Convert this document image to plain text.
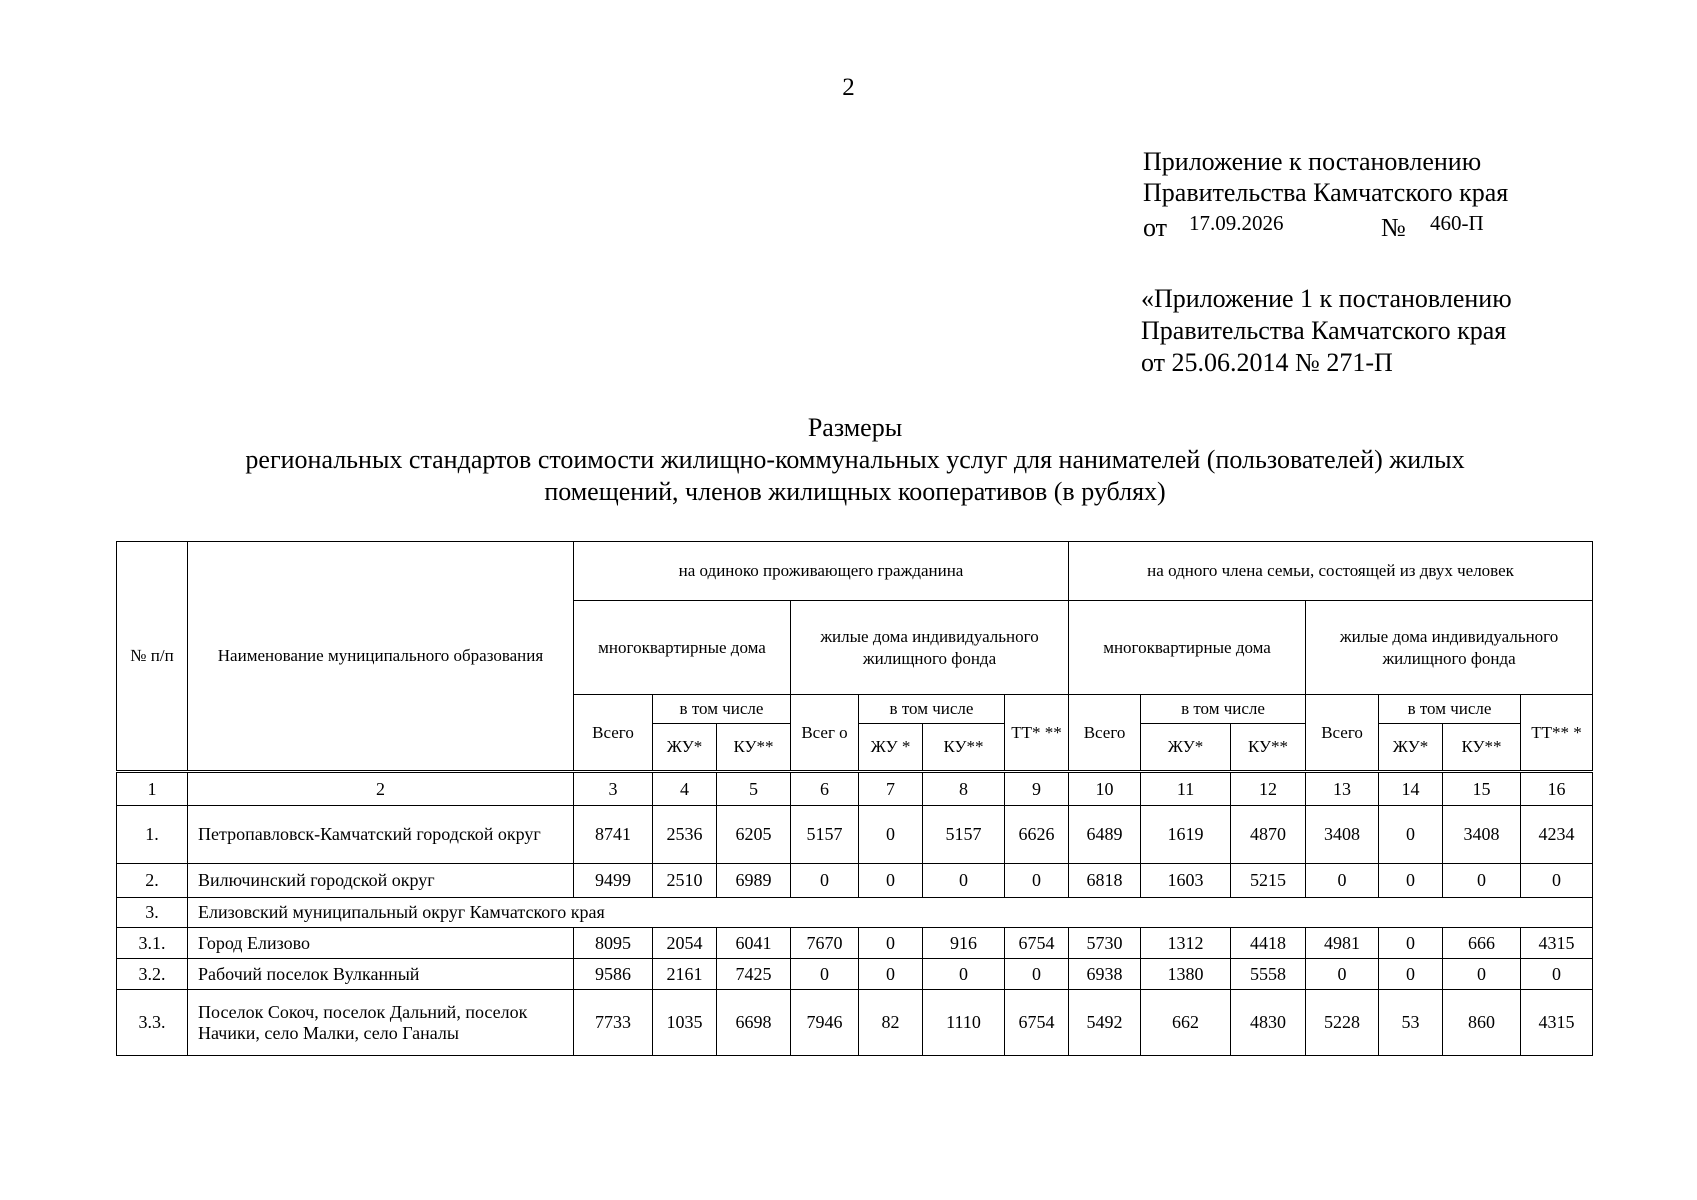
2
Приложение к постановлению
Правительства Камчатского края
от 17.09.2026	№ 460-П
«Приложение 1 к постановлению
Правительства Камчатского края
от 25.06.2014 № 271-П
Размеры
региональных стандартов стоимости жилищно-коммунальных услуг для нанимателей (пользователей) жилых
помещений, членов жилищных кооперативов (в рублях)
№ п/п	Наименование муниципального образования	на одиноко проживающего гражданина							на одного члена семьи, состоящей из двух человек						
		многоквартирные дома			жилые дома индивидуального жилищного фонда				многоквартирные дома			жилые дома индивидуального жилищного фонда			
		Всего	в том числе		Всег о	в том числе		ТТ* **	Всего	в том числе		Всего	в том числе		ТТ** *
			ЖУ*	КУ**		ЖУ *	КУ**			ЖУ*	КУ**		ЖУ*	КУ**	
1	2	3	4	5	6	7	8	9	10	11	12	13	14	15	16
1.	Петропавловск-Камчатский городской округ	8741	2536	6205	5157	0	5157	6626	6489	1619	4870	3408	0	3408	4234
2.	Вилючинский городской округ	9499	2510	6989	0	0	0	0	6818	1603	5215	0	0	0	0
3.	Елизовский муниципальный округ Камчатского края														
3.1.	Город Елизово	8095	2054	6041	7670	0	916	6754	5730	1312	4418	4981	0	666	4315
3.2.	Рабочий поселок Вулканный	9586	2161	7425	0	0	0	0	6938	1380	5558	0	0	0	0
3.3.	Поселок Сокоч, поселок Дальний, поселок Начики, село Малки, село Ганалы	7733	1035	6698	7946	82	1110	6754	5492	662	4830	5228	53	860	4315
